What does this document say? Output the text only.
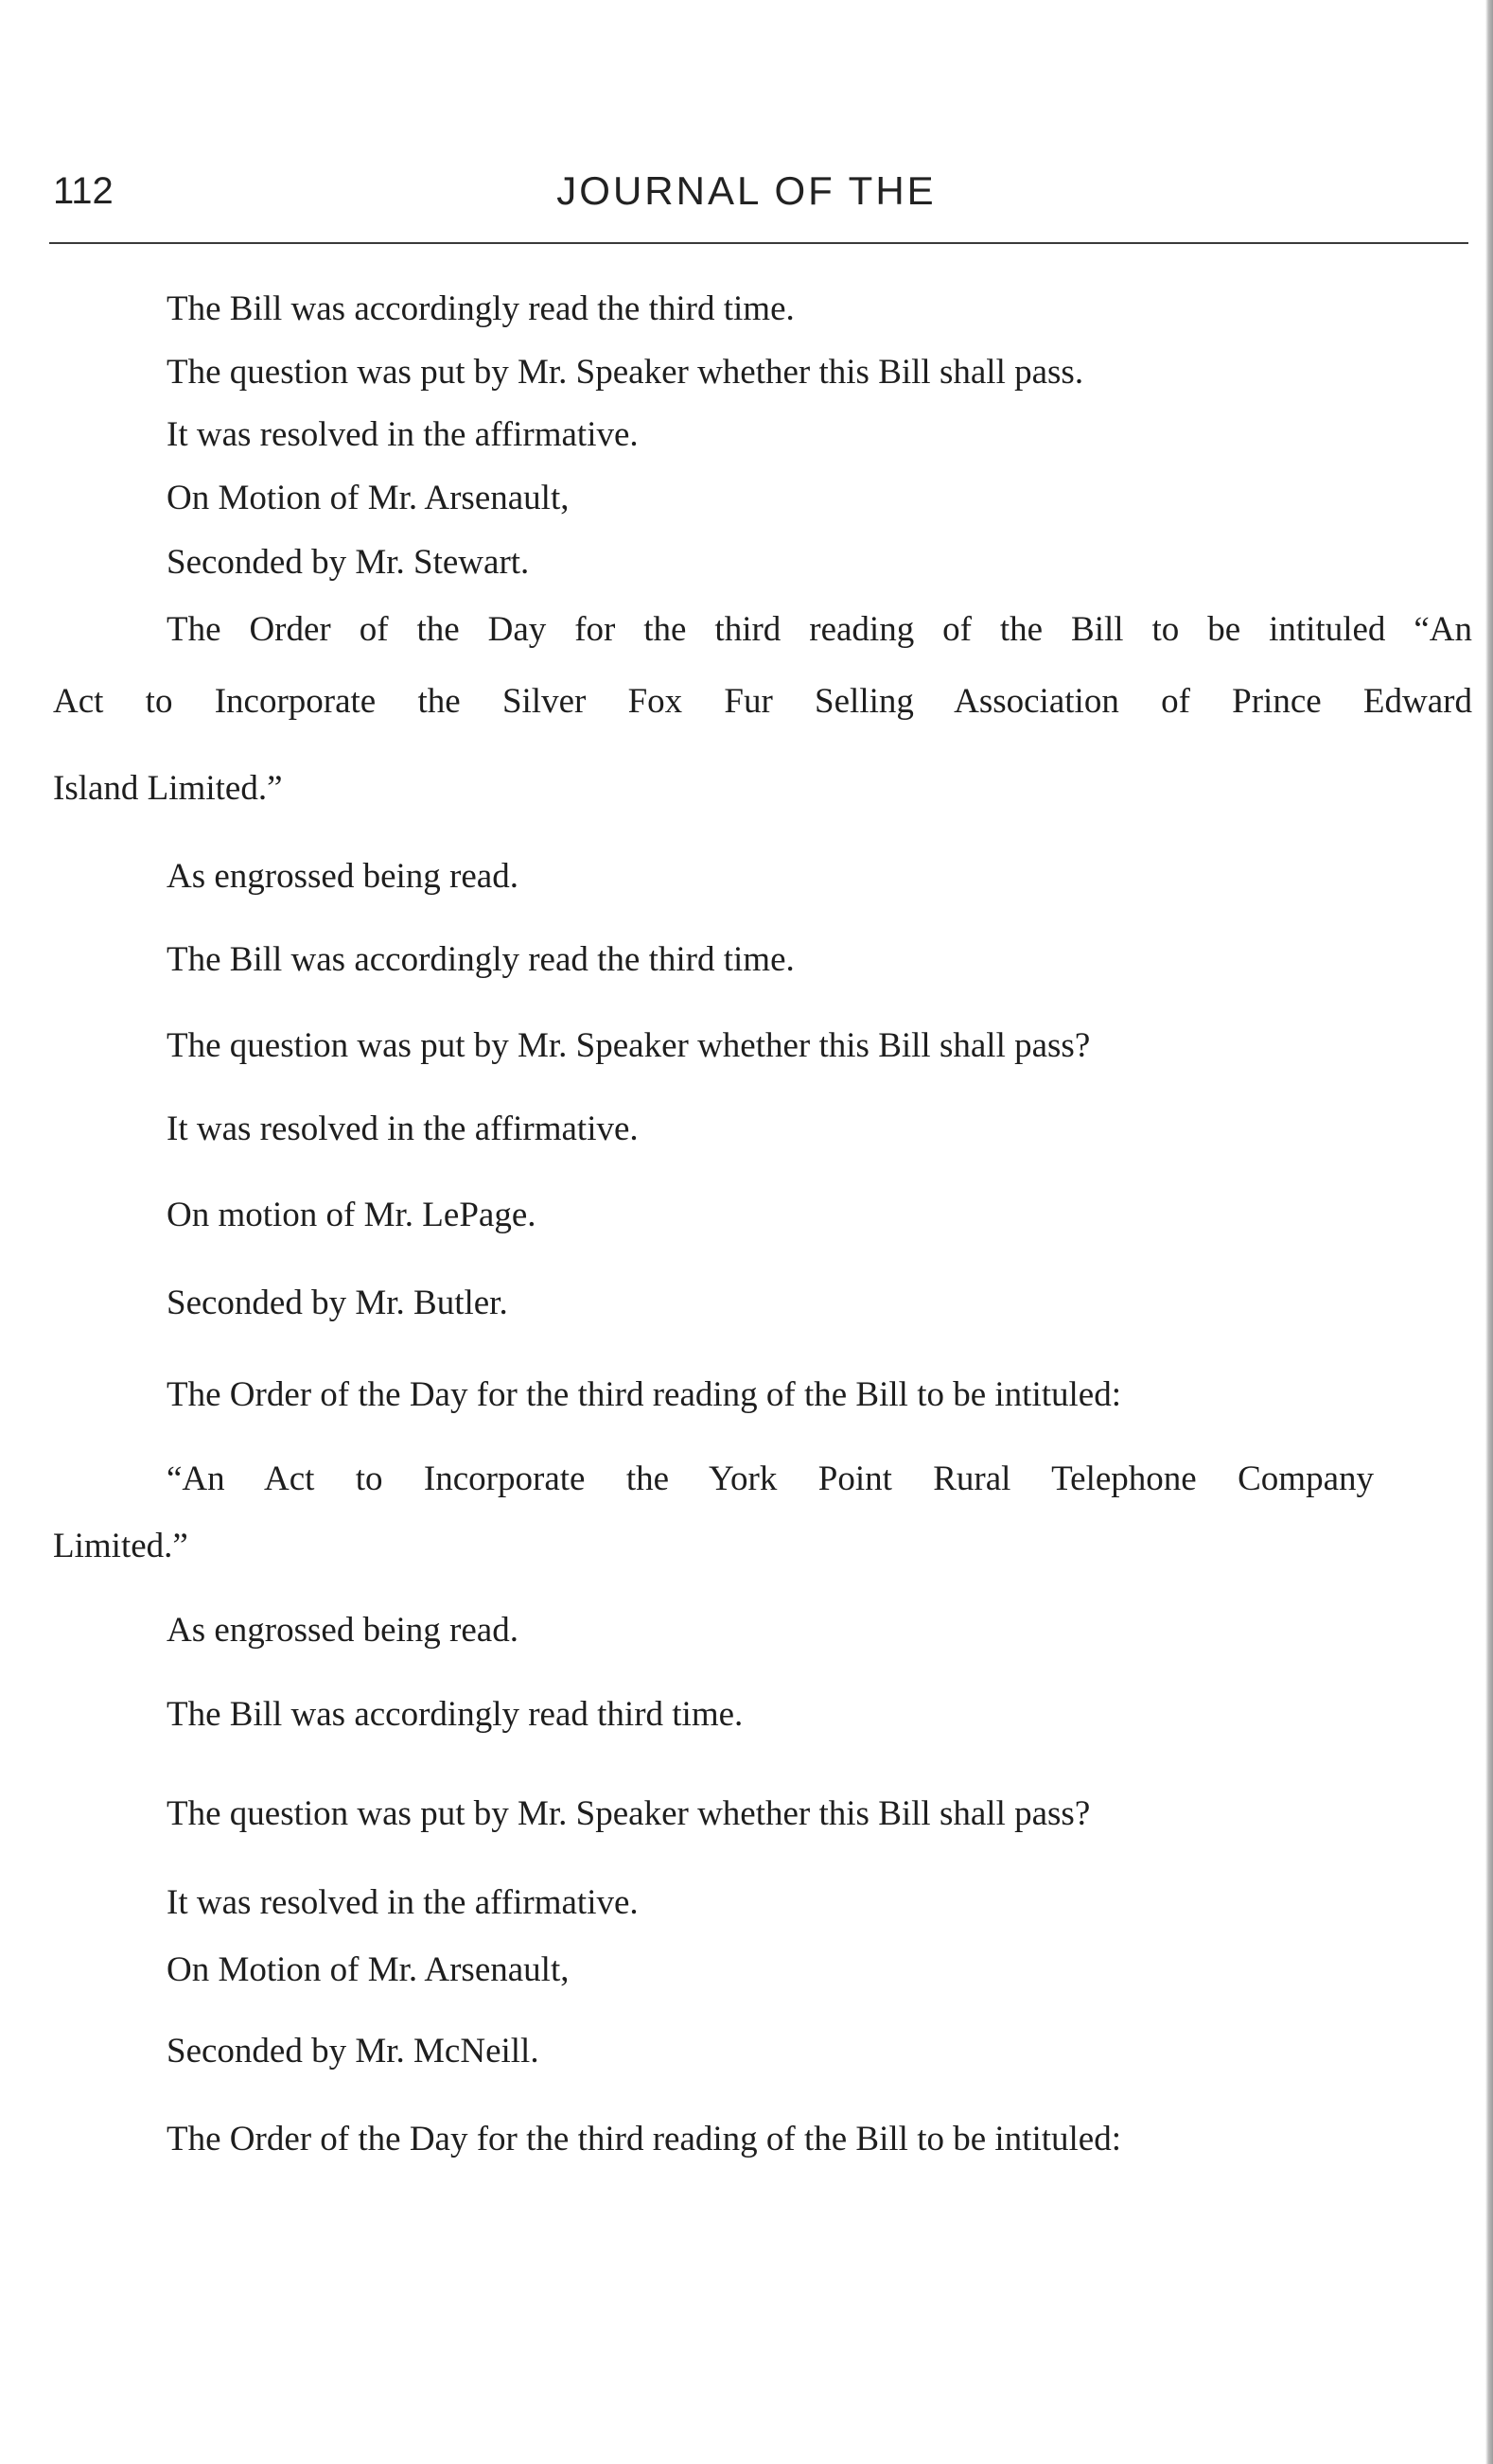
112	JOURNAL OF THE
The Bill was accordingly read the third time.
The question was put by Mr. Speaker whether this Bill shall pass.
It was resolved in the affirmative.
On Motion of Mr. Arsenault,
Seconded by Mr. Stewart.
The Order of the Day for the third reading of the Bill to be intituled “An
Act to Incorporate the Silver Fox Fur Selling Association of Prince Edward
Island Limited.”
As engrossed being read.
The Bill was accordingly read the third time.
The question was put by Mr. Speaker whether this Bill shall pass?
It was resolved in the affirmative.
On motion of Mr. LePage.
Seconded by Mr. Butler.
The Order of the Day for the third reading of the Bill to be intituled:
“An Act to Incorporate the York Point Rural Telephone Company
Limited.”
As engrossed being read.
The Bill was accordingly read third time.
The question was put by Mr. Speaker whether this Bill shall pass?
It was resolved in the affirmative.
On Motion of Mr. Arsenault,
Seconded by Mr. McNeill.
The Order of the Day for the third reading of the Bill to be intituled:
